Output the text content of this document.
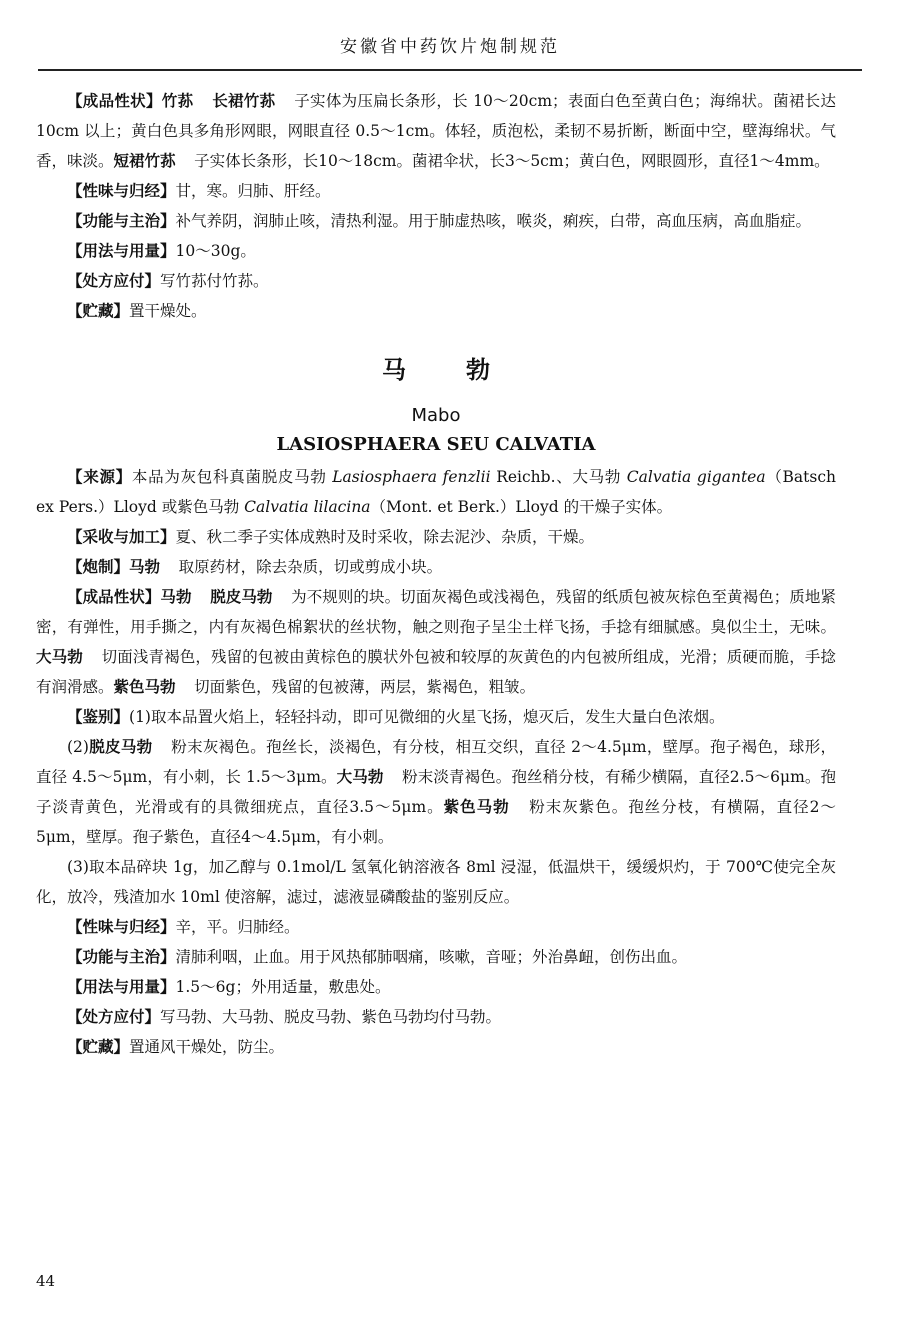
安徽省中药饮片炮制规范

【成品性状】竹荪 长裙竹荪 子实体为压扁长条形，长 10～20cm；表面白色至黄白色；海绵状。菌裙长达 10cm 以上；黄白色具多角形网眼，网眼直径 0.5～1cm。体轻，质泡松，柔韧不易折断，断面中空，壁海绵状。气香，味淡。短裙竹荪 子实体长条形，长10～18cm。菌裙伞状，长3～5cm；黄白色，网眼圆形，直径1～4mm。

【性味与归经】甘，寒。归肺、肝经。

【功能与主治】补气养阴，润肺止咳，清热利湿。用于肺虚热咳，喉炎，痢疾，白带，高血压病，高血脂症。

【用法与用量】10～30g。

【处方应付】写竹荪付竹荪。

【贮藏】置干燥处。

马勃
Mabo
LASIOSPHAERA SEU CALVATIA

【来源】本品为灰包科真菌脱皮马勃 Lasiosphaera fenzlii Reichb.、大马勃 Calvatia gigantea（Batsch ex Pers.）Lloyd 或紫色马勃 Calvatia lilacina（Mont. et Berk.）Lloyd 的干燥子实体。

【采收与加工】夏、秋二季子实体成熟时及时采收，除去泥沙、杂质，干燥。

【炮制】马勃 取原药材，除去杂质，切或剪成小块。

【成品性状】马勃 脱皮马勃 为不规则的块。切面灰褐色或浅褐色，残留的纸质包被灰棕色至黄褐色；质地紧密，有弹性，用手撕之，内有灰褐色棉絮状的丝状物，触之则孢子呈尘土样飞扬，手捻有细腻感。臭似尘土，无味。大马勃 切面浅青褐色，残留的包被由黄棕色的膜状外包被和较厚的灰黄色的内包被所组成，光滑；质硬而脆，手捻有润滑感。紫色马勃 切面紫色，残留的包被薄，两层，紫褐色，粗皱。

【鉴别】(1)取本品置火焰上，轻轻抖动，即可见微细的火星飞扬，熄灭后，发生大量白色浓烟。

(2)脱皮马勃 粉末灰褐色。孢丝长，淡褐色，有分枝，相互交织，直径 2～4.5μm，壁厚。孢子褐色，球形，直径 4.5～5μm，有小刺，长 1.5～3μm。大马勃 粉末淡青褐色。孢丝稍分枝，有稀少横隔，直径2.5～6μm。孢子淡青黄色，光滑或有的具微细疣点，直径3.5～5μm。紫色马勃 粉末灰紫色。孢丝分枝，有横隔，直径2～5μm，壁厚。孢子紫色，直径4～4.5μm，有小刺。

(3)取本品碎块 1g，加乙醇与 0.1mol/L 氢氧化钠溶液各 8ml 浸湿，低温烘干，缓缓炽灼，于 700℃使完全灰化，放冷，残渣加水 10ml 使溶解，滤过，滤液显磷酸盐的鉴别反应。

【性味与归经】辛，平。归肺经。

【功能与主治】清肺利咽，止血。用于风热郁肺咽痛，咳嗽，音哑；外治鼻衄，创伤出血。

【用法与用量】1.5～6g；外用适量，敷患处。

【处方应付】写马勃、大马勃、脱皮马勃、紫色马勃均付马勃。

【贮藏】置通风干燥处，防尘。

44
